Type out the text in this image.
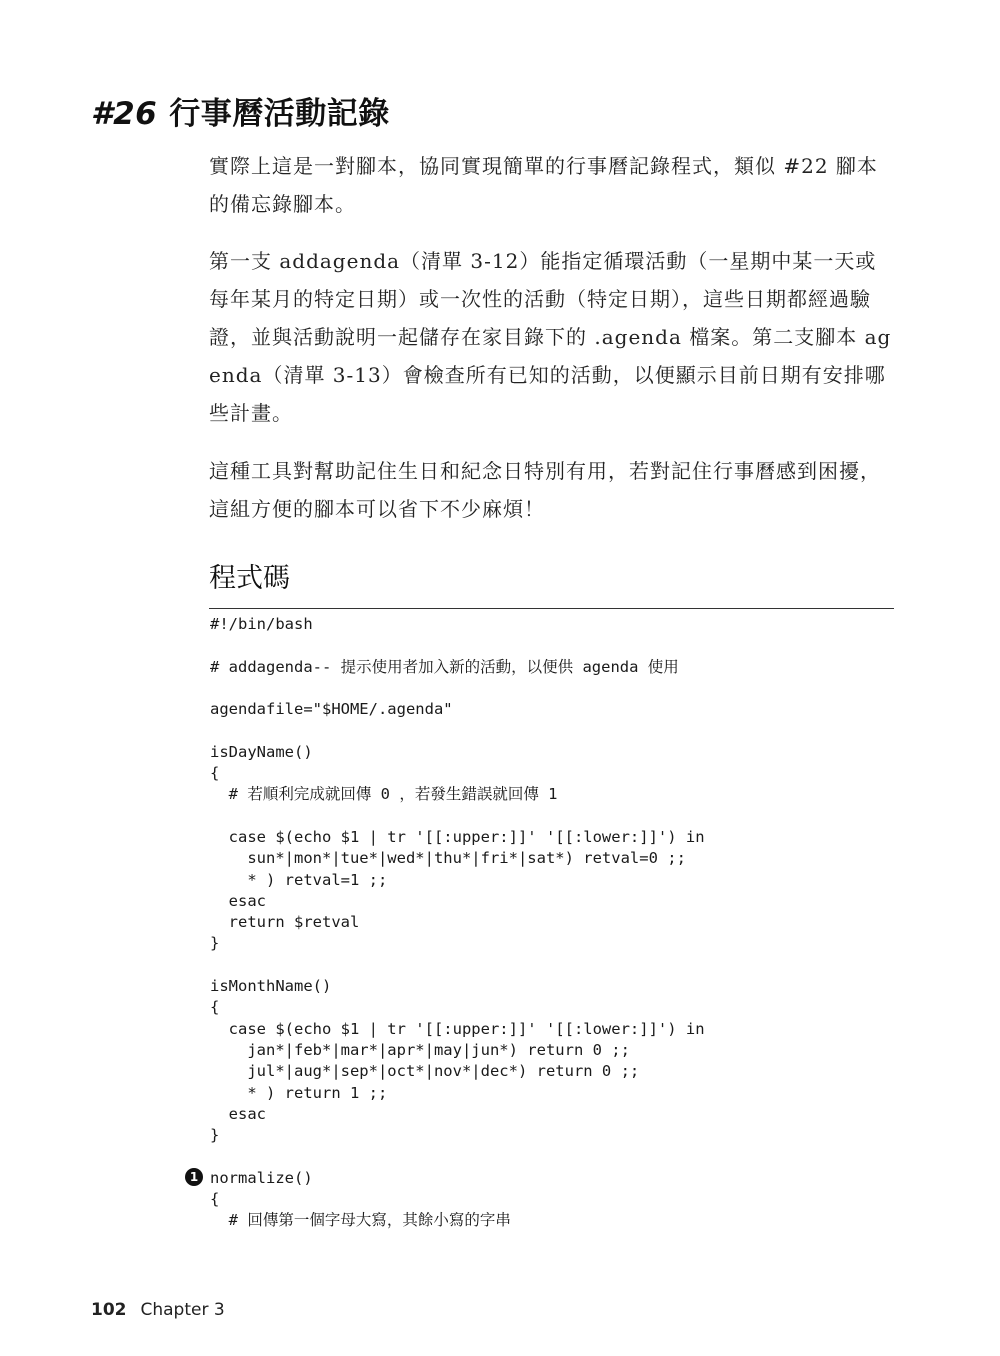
#26 行事曆活動記錄

實際上這是一對腳本，協同實現簡單的行事曆記錄程式，類似 #22 腳本的備忘錄腳本。

第一支 addagenda（清單 3-12）能指定循環活動（一星期中某一天或每年某月的特定日期）或一次性的活動（特定日期），這些日期都經過驗證，並與活動說明一起儲存在家目錄下的 .agenda 檔案。第二支腳本 agenda（清單 3-13）會檢查所有已知的活動，以便顯示目前日期有安排哪些計畫。

這種工具對幫助記住生日和紀念日特別有用，若對記住行事曆感到困擾，這組方便的腳本可以省下不少麻煩！

程式碼
#!/bin/bash

# addagenda-- 提示使用者加入新的活動，以便供 agenda 使用

agendafile="$HOME/.agenda"

isDayName()
{
# 若順利完成就回傳 0 ，若發生錯誤就回傳 1

case $(echo $1 | tr '[[:upper:]]' '[[:lower:]]') in
sun*|mon*|tue*|wed*|thu*|fri*|sat*) retval=0 ;;
* ) retval=1 ;;
esac
return $retval
}

isMonthName()
{
case $(echo $1 | tr '[[:upper:]]' '[[:lower:]]') in
jan*|feb*|mar*|apr*|may|jun*) return 0 ;;
jul*|aug*|sep*|oct*|nov*|dec*) return 0 ;;
* ) return 1 ;;
esac
}

normalize()
{
# 回傳第一個字母大寫，其餘小寫的字串
1
102 Chapter 3
